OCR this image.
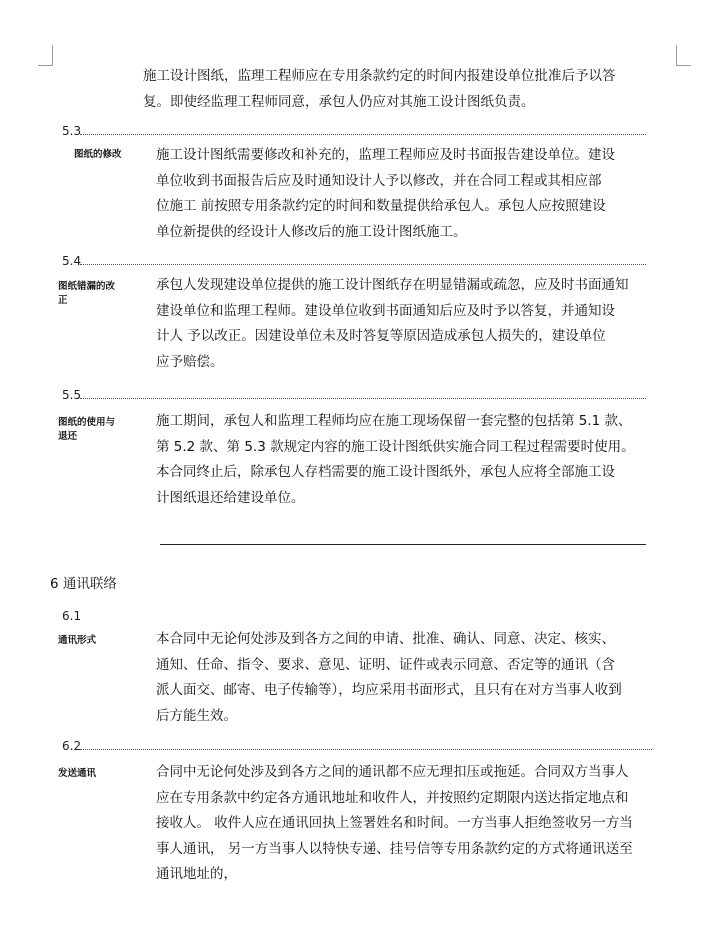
施工设计图纸，监理工程师应在专用条款约定的时间内报建设单位批准后予以答
复。即使经监理工程师同意，承包人仍应对其施工设计图纸负责。
5.3
图纸的修改	施工设计图纸需要修改和补充的，监理工程师应及时书面报告建设单位。建设
单位收到书面报告后应及时通知设计人予以修改，并在合同工程或其相应部
位施工 前按照专用条款约定的时间和数量提供给承包人。承包人应按照建设
单位新提供的经设计人修改后的施工设计图纸施工。
5.4
图纸错漏的改
正
承包人发现建设单位提供的施工设计图纸存在明显错漏或疏忽，应及时书面通知
建设单位和监理工程师。建设单位收到书面通知后应及时予以答复，并通知设
计人 予以改正。因建设单位未及时答复等原因造成承包人损失的，建设单位
应予赔偿。
5.5
图纸的使用与
退还
施工期间，承包人和监理工程师均应在施工现场保留一套完整的包括第 5.1 款、
第 5.2 款、第 5.3 款规定内容的施工设计图纸供实施合同工程过程需要时使用。
本合同终止后，除承包人存档需要的施工设计图纸外，承包人应将全部施工设
计图纸退还给建设单位。
6 通讯联络
6.1
通讯形式	本合同中无论何处涉及到各方之间的申请、批准、确认、同意、决定、核实、
通知、任命、指令、要求、意见、证明、证件或表示同意、否定等的通讯（含
派人面交、邮寄、电子传输等），均应采用书面形式，且只有在对方当事人收到
后方能生效。
6.2
发送通讯	合同中无论何处涉及到各方之间的通讯都不应无理扣压或拖延。合同双方当事人
应在专用条款中约定各方通讯地址和收件人，并按照约定期限内送达指定地点和
接收人。 收件人应在通讯回执上签署姓名和时间。一方当事人拒绝签收另一方当
事人通讯， 另一方当事人以特快专递、挂号信等专用条款约定的方式将通讯送至
通讯地址的，
